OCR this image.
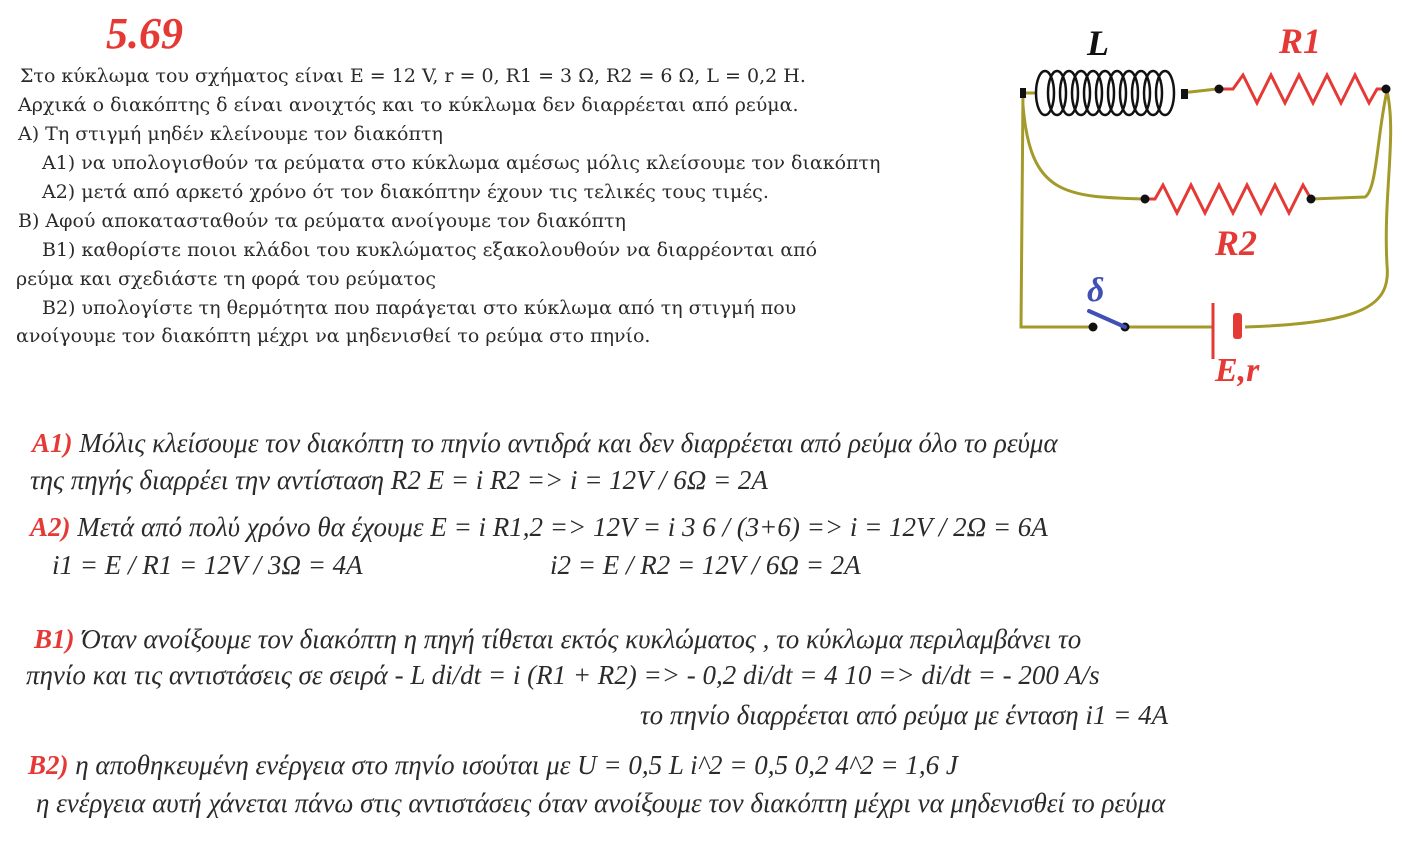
5.69
Στο κύκλωμα του σχήματος είναι E = 12 V, r = 0, R1 = 3 Ω, R2 = 6 Ω, L = 0,2 H.
Αρχικά ο διακόπτης δ είναι ανοιχτός και το κύκλωμα δεν διαρρέεται από ρεύμα.
A) Τη στιγμή μηδέν κλείνουμε τον διακόπτη
A1) να υπολογισθούν τα ρεύματα στο κύκλωμα αμέσως μόλις κλείσουμε τον διακόπτη
A2) μετά από αρκετό χρόνο ότ τον διακόπτην έχουν τις τελικές τους τιμές.
B) Αφού αποκατασταθούν τα ρεύματα ανοίγουμε τον διακόπτη
B1) καθορίστε ποιοι κλάδοι του κυκλώματος εξακολουθούν να διαρρέονται από
ρεύμα και σχεδιάστε τη φορά του ρεύματος
B2) υπολογίστε τη θερμότητα που παράγεται στο κύκλωμα από τη στιγμή που
ανοίγουμε τον διακόπτη μέχρι να μηδενισθεί το ρεύμα στο πηνίο.
L	R1
R2
δ
E,r
A1) Μόλις κλείσουμε τον διακόπτη το πηνίο αντιδρά και δεν διαρρέεται από ρεύμα όλο το ρεύμα
της πηγής διαρρέει την αντίσταση R2 E = i R2 => i = 12V / 6Ω = 2A
A2) Μετά από πολύ χρόνο θα έχουμε E = i R1,2 => 12V = i 3 6 / (3+6) => i = 12V / 2Ω = 6A
i1 = E / R1 = 12V / 3Ω = 4A	i2 = E / R2 = 12V / 6Ω = 2A
B1) Όταν ανοίξουμε τον διακόπτη η πηγή τίθεται εκτός κυκλώματος , το κύκλωμα περιλαμβάνει το
πηνίο και τις αντιστάσεις σε σειρά - L di/dt = i (R1 + R2) => - 0,2 di/dt = 4 10 => di/dt = - 200 A/s
το πηνίο διαρρέεται από ρεύμα με ένταση i1 = 4A
B2) η αποθηκευμένη ενέργεια στο πηνίο ισούται με U = 0,5 L i^2 = 0,5 0,2 4^2 = 1,6 J
η ενέργεια αυτή χάνεται πάνω στις αντιστάσεις όταν ανοίξουμε τον διακόπτη μέχρι να μηδενισθεί το ρεύμα
